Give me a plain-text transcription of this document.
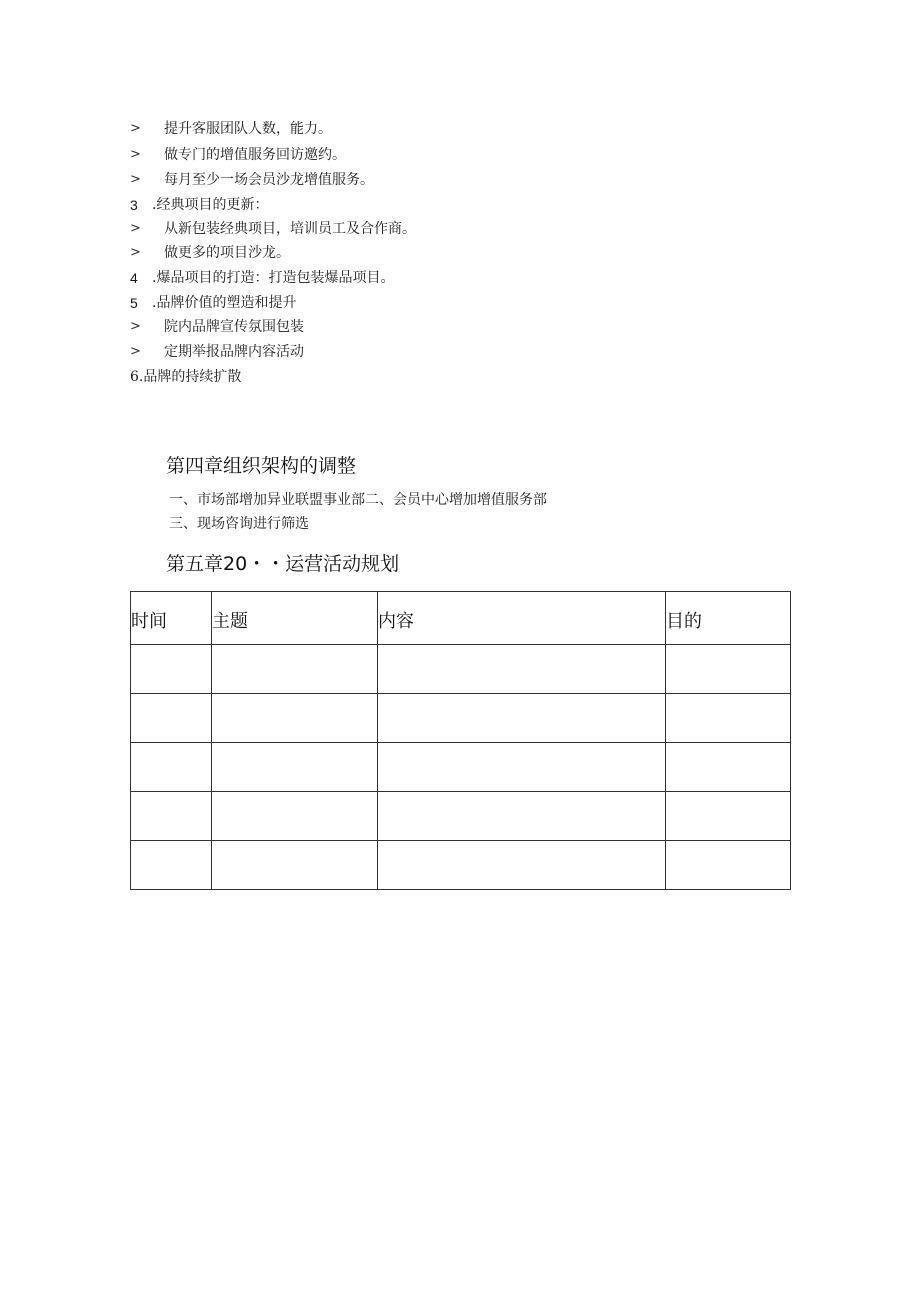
> 提升客服团队人数，能力。
> 做专门的增值服务回访邀约。
> 每月至少一场会员沙龙增值服务。
3 .经典项目的更新：
> 从新包装经典项目，培训员工及合作商。
> 做更多的项目沙龙。
4 .爆品项目的打造：打造包装爆品项目。
5 .品牌价值的塑造和提升
> 院内品牌宣传氛围包装
> 定期举报品牌内容活动
6.品牌的持续扩散
第四章组织架构的调整
一、市场部增加异业联盟事业部二、会员中心增加增值服务部
三、现场咨询进行筛选
第五章20・・运营活动规划
时间	主题	内容	目的
